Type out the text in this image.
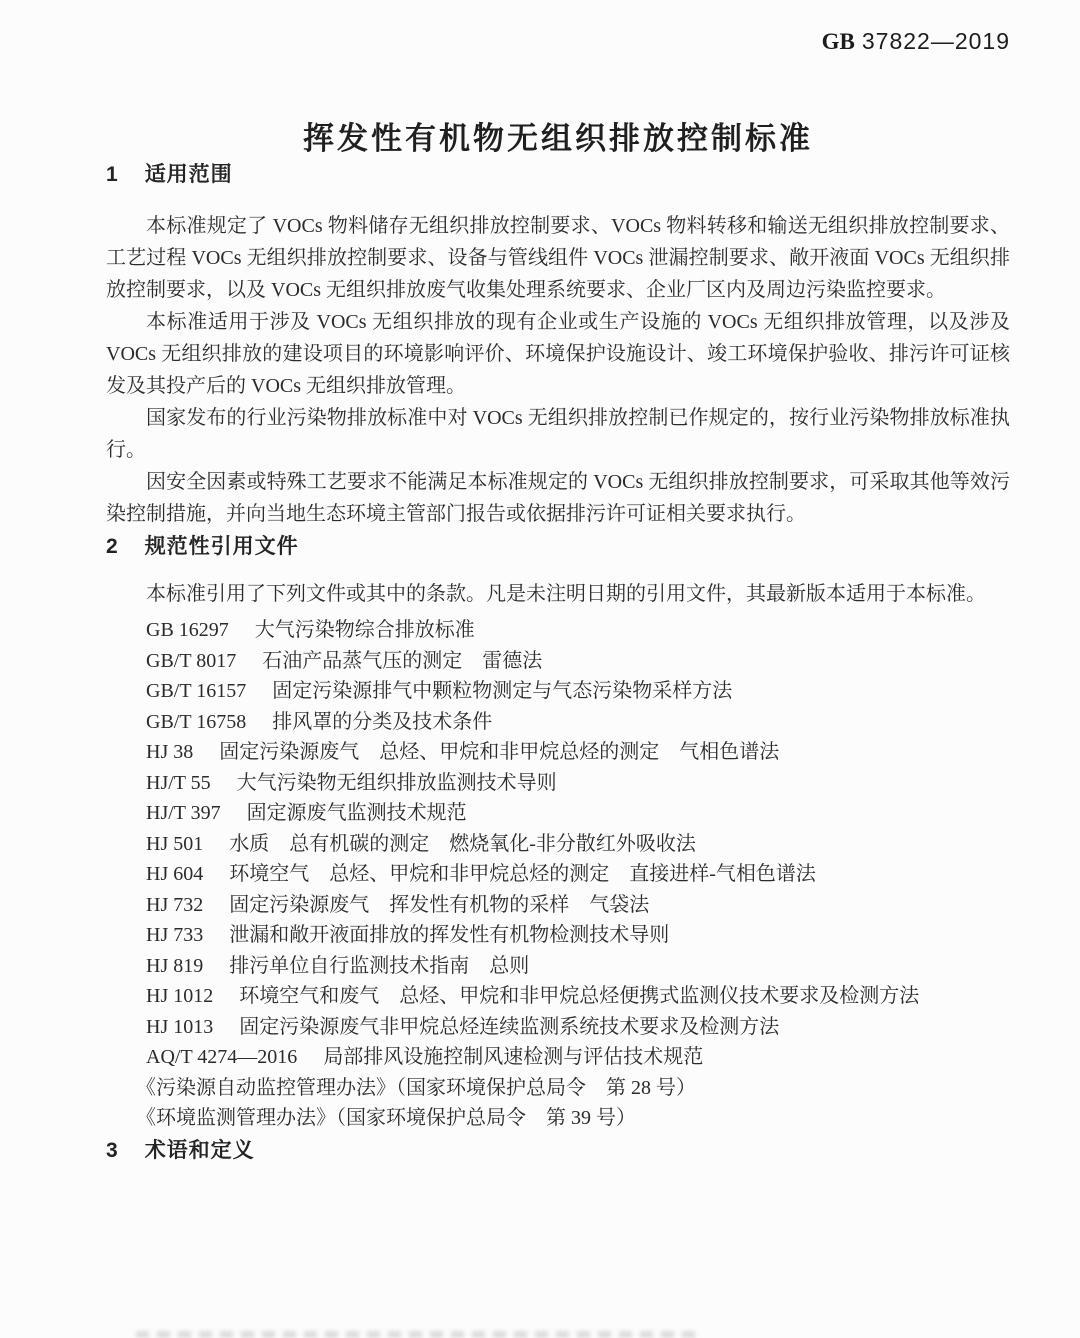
GB 37822—2019
挥发性有机物无组织排放控制标准
1 适用范围

本标准规定了 VOCs 物料储存无组织排放控制要求、VOCs 物料转移和输送无组织排放控制要求、工艺过程 VOCs 无组织排放控制要求、设备与管线组件 VOCs 泄漏控制要求、敞开液面 VOCs 无组织排放控制要求，以及 VOCs 无组织排放废气收集处理系统要求、企业厂区内及周边污染监控要求。

本标准适用于涉及 VOCs 无组织排放的现有企业或生产设施的 VOCs 无组织排放管理，以及涉及 VOCs 无组织排放的建设项目的环境影响评价、环境保护设施设计、竣工环境保护验收、排污许可证核发及其投产后的 VOCs 无组织排放管理。

国家发布的行业污染物排放标准中对 VOCs 无组织排放控制已作规定的，按行业污染物排放标准执行。

因安全因素或特殊工艺要求不能满足本标准规定的 VOCs 无组织排放控制要求，可采取其他等效污染控制措施，并向当地生态环境主管部门报告或依据排污许可证相关要求执行。

2 规范性引用文件

本标准引用了下列文件或其中的条款。凡是未注明日期的引用文件，其最新版本适用于本标准。

GB 16297 大气污染物综合排放标准
GB/T 8017 石油产品蒸气压的测定　雷德法
GB/T 16157 固定污染源排气中颗粒物测定与气态污染物采样方法
GB/T 16758 排风罩的分类及技术条件
HJ 38 固定污染源废气　总烃、甲烷和非甲烷总烃的测定　气相色谱法
HJ/T 55 大气污染物无组织排放监测技术导则
HJ/T 397 固定源废气监测技术规范
HJ 501 水质　总有机碳的测定　燃烧氧化-非分散红外吸收法
HJ 604 环境空气　总烃、甲烷和非甲烷总烃的测定　直接进样-气相色谱法
HJ 732 固定污染源废气　挥发性有机物的采样　气袋法
HJ 733 泄漏和敞开液面排放的挥发性有机物检测技术导则
HJ 819 排污单位自行监测技术指南　总则
HJ 1012 环境空气和废气　总烃、甲烷和非甲烷总烃便携式监测仪技术要求及检测方法
HJ 1013 固定污染源废气非甲烷总烃连续监测系统技术要求及检测方法
AQ/T 4274—2016 局部排风设施控制风速检测与评估技术规范
《污染源自动监控管理办法》（国家环境保护总局令　第 28 号）
《环境监测管理办法》（国家环境保护总局令　第 39 号）
3 术语和定义
